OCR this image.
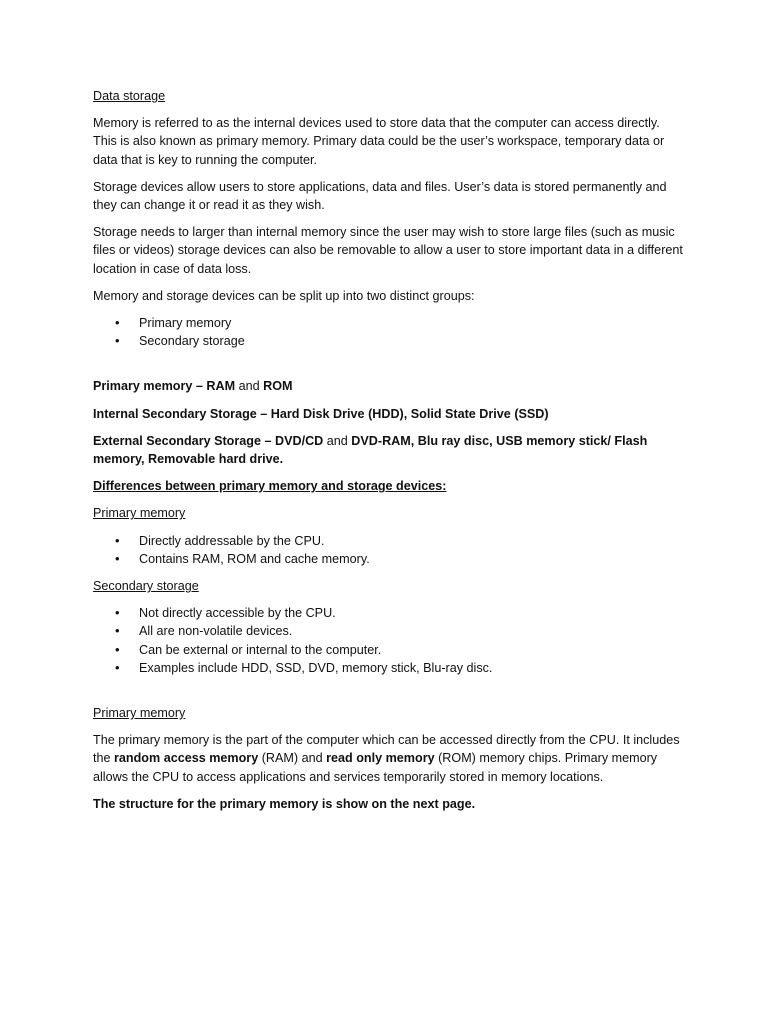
Data storage

Memory is referred to as the internal devices used to store data that the computer can access directly. This is also known as primary memory. Primary data could be the user’s workspace, temporary data or data that is key to running the computer.

Storage devices allow users to store applications, data and files. User’s data is stored permanently and they can change it or read it as they wish.

Storage needs to larger than internal memory since the user may wish to store large files (such as music files or videos) storage devices can also be removable to allow a user to store important data in a different location in case of data loss.

Memory and storage devices can be split up into two distinct groups:

• Primary memory
• Secondary storage

Primary memory – RAM and ROM

Internal Secondary Storage – Hard Disk Drive (HDD), Solid State Drive (SSD)

External Secondary Storage – DVD/CD and DVD-RAM, Blu ray disc, USB memory stick/ Flash memory, Removable hard drive.

Differences between primary memory and storage devices:

Primary memory

• Directly addressable by the CPU.
• Contains RAM, ROM and cache memory.

Secondary storage

• Not directly accessible by the CPU.
• All are non-volatile devices.
• Can be external or internal to the computer.
• Examples include HDD, SSD, DVD, memory stick, Blu-ray disc.

Primary memory

The primary memory is the part of the computer which can be accessed directly from the CPU. It includes the random access memory (RAM) and read only memory (ROM) memory chips. Primary memory allows the CPU to access applications and services temporarily stored in memory locations.

The structure for the primary memory is show on the next page.
